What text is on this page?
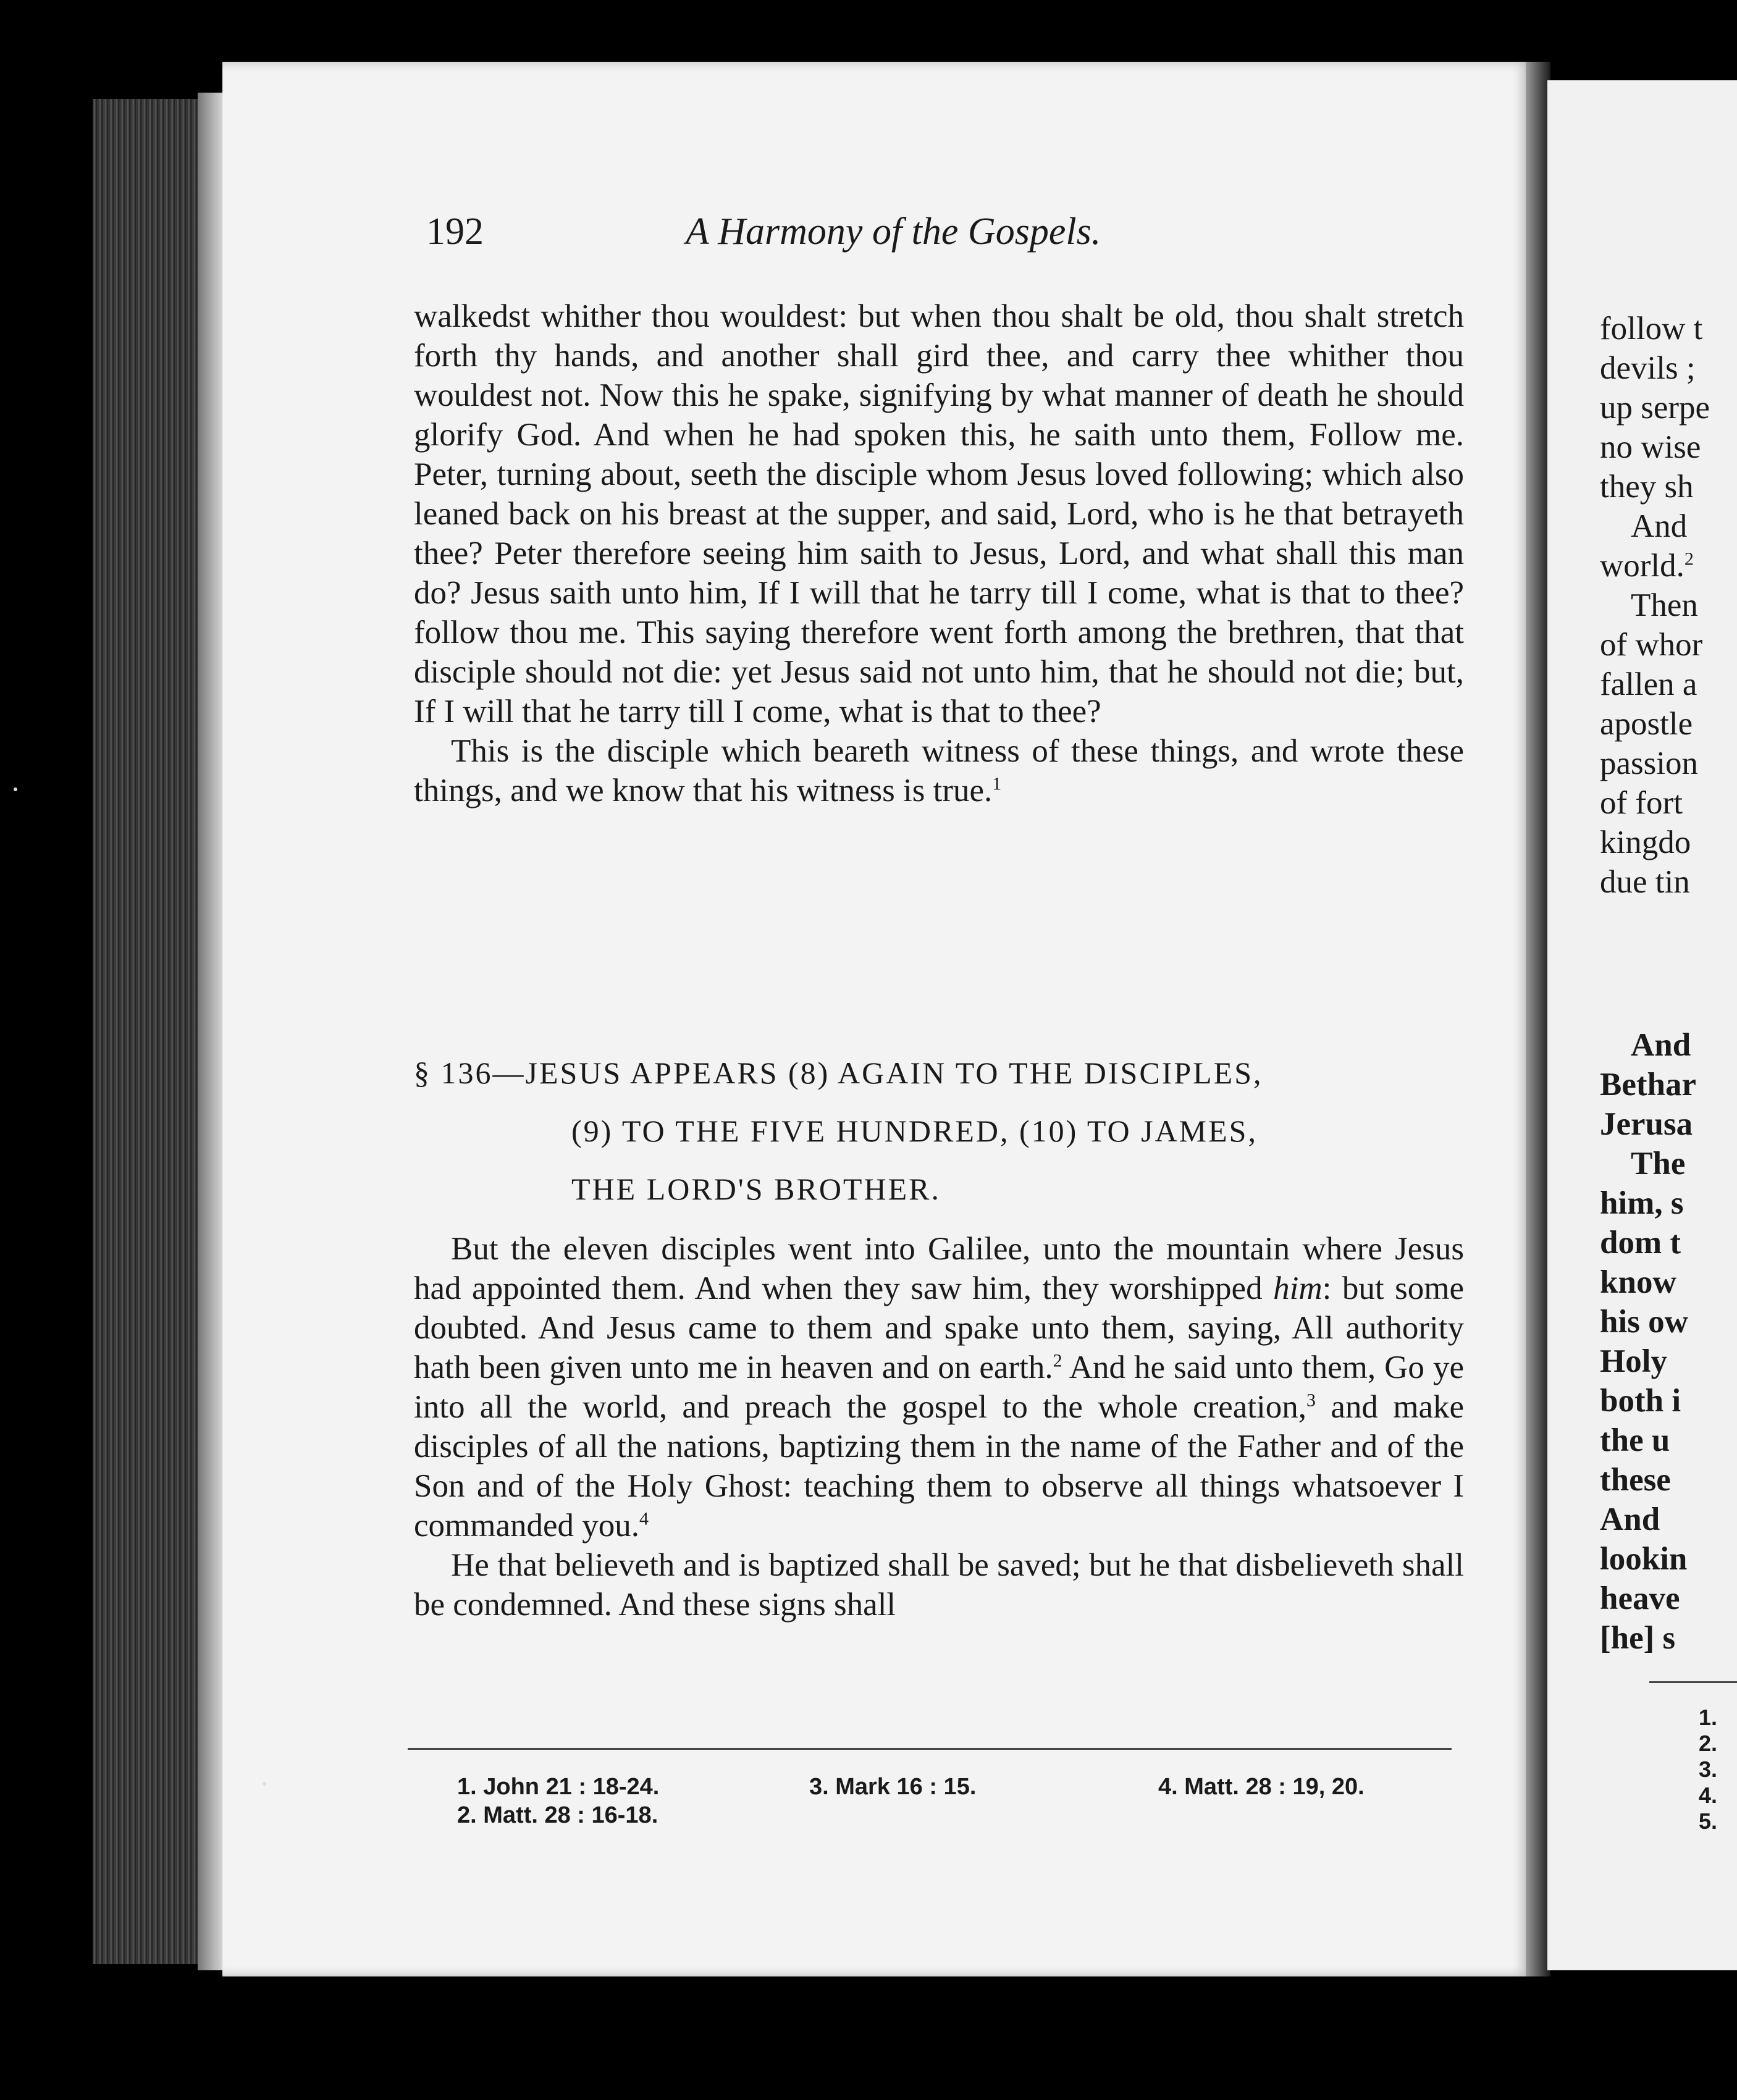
192	A Harmony of the Gospels.

walkedst whither thou wouldest: but when thou shalt be old, thou shalt stretch forth thy hands, and another shall gird thee, and carry thee whither thou wouldest not. Now this he spake, signifying by what manner of death he should glorify God. And when he had spoken this, he saith unto them, Follow me. Peter, turning about, seeth the disciple whom Jesus loved following; which also leaned back on his breast at the supper, and said, Lord, who is he that betrayeth thee? Peter therefore seeing him saith to Jesus, Lord, and what shall this man do? Jesus saith unto him, If I will that he tarry till I come, what is that to thee? follow thou me. This saying therefore went forth among the brethren, that that disciple should not die: yet Jesus said not unto him, that he should not die; but, If I will that he tarry till I come, what is that to thee?

This is the disciple which beareth witness of these things, and wrote these things, and we know that his witness is true.$^1$

§ 136—JESUS APPEARS (8) AGAIN TO THE DISCIPLES,
(9) TO THE FIVE HUNDRED, (10) TO JAMES,
THE LORD'S BROTHER.

But the eleven disciples went into Galilee, unto the mountain where Jesus had appointed them. And when they saw him, they worshipped him: but some doubted. And Jesus came to them and spake unto them, saying, All authority hath been given unto me in heaven and on earth.$^2$ And he said unto them, Go ye into all the world, and preach the gospel to the whole creation,$^3$ and make disciples of all the nations, baptizing them in the name of the Father and of the Son and of the Holy Ghost: teaching them to observe all things whatsoever I commanded you.$^4$

He that believeth and is baptized shall be saved; but he that disbelieveth shall be condemned. And these signs shall

1. John 21 : 18-24.
2. Matt. 28 : 16-18.
3. Mark 16 : 15.	4. Matt. 28 : 19, 20.
follow t
devils ;
up serpe
no wise
they sh
And
world.$^2$
Then
of whor
fallen a
apostle
passion
of fort
kingdo
due tin
And
Bethar
Jerusa
The
him, s
dom t
know
his ow
Holy
both i
the u
these
And
lookin
heave
[he] s
1.
2.
3.
4.
5.
